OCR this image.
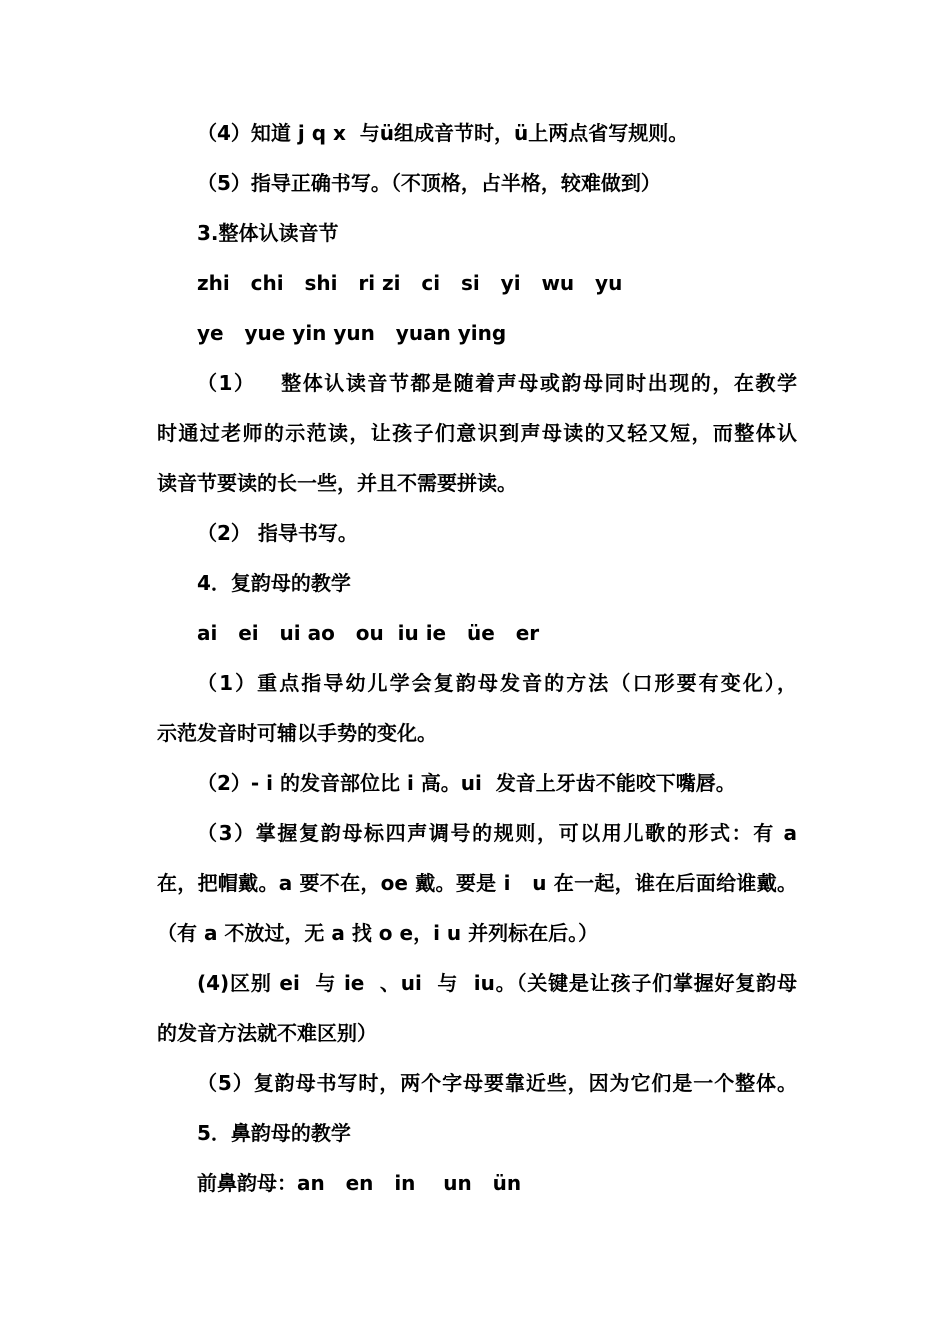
（4）知道 j q x  与ü组成音节时，ü上两点省写规则。
（5）指导正确书写。（不顶格，占半格，较难做到）
3.整体认读音节
zhi   chi   shi   ri zi   ci   si   yi   wu   yu
ye   yue yin yun   yuan ying
（1）   整体认读音节都是随着声母或韵母同时出现的，在教学
时通过老师的示范读，让孩子们意识到声母读的又轻又短，而整体认
读音节要读的长一些，并且不需要拼读。
（2） 指导书写。
4．复韵母的教学
ai   ei   ui ao   ou  iu ie   üe   er
（1）重点指导幼儿学会复韵母发音的方法（口形要有变化），
示范发音时可辅以手势的变化。
（2）- i 的发音部位比 i 高。ui  发音上牙齿不能咬下嘴唇。
（3）掌握复韵母标四声调号的规则，可以用儿歌的形式：有 a
在，把帽戴。a 要不在，oe 戴。要是 i   u 在一起，谁在后面给谁戴。
（有 a 不放过，无 a 找 o e，i u 并列标在后。）
(4)区别 ei  与 ie  、ui  与  iu。（关键是让孩子们掌握好复韵母
的发音方法就不难区别）
（5）复韵母书写时，两个字母要靠近些，因为它们是一个整体。
5．鼻韵母的教学
前鼻韵母：an   en   in    un   ün
